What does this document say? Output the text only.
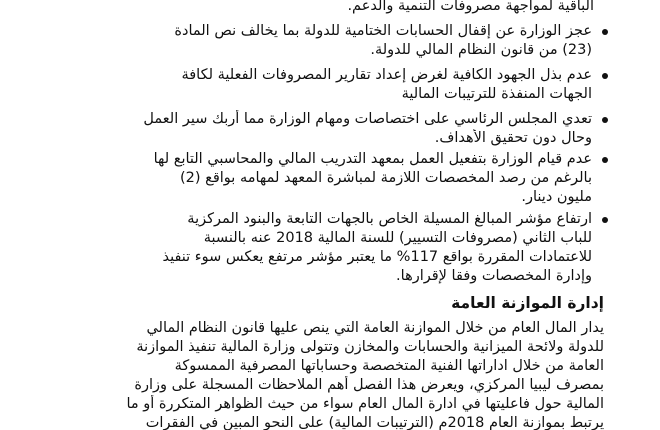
الباقية لمواجهة مصروفات التنمية والدعم.
عجز الوزارة عن إقفال الحسابات الختامية للدولة بما يخالف نص المادة
(23) من قانون النظام المالي للدولة.
عدم بذل الجهود الكافية لغرض إعداد تقارير المصروفات الفعلية لكافة
الجهات المنفذة للترتيبات المالية
تعدي المجلس الرئاسي على اختصاصات ومهام الوزارة مما أربك سير العمل
وحال دون تحقيق الأهداف.
عدم قيام الوزارة بتفعيل العمل بمعهد التدريب المالي والمحاسبي التابع لها
بالرغم من رصد المخصصات اللازمة لمباشرة المعهد لمهامه بواقع (2)
مليون دينار.
ارتفاع مؤشر المبالغ المسيلة الخاص بالجهات التابعة والبنود المركزية
للباب الثاني (مصروفات التسيير) للسنة المالية 2018 عنه بالنسبة
للاعتمادات المقررة بواقع 117% ما يعتبر مؤشر مرتفع يعكس سوء تنفيذ
وإدارة المخصصات وفقا لإقرارها.
إدارة الموازنة العامة
يدار المال العام من خلال الموازنة العامة التي ينص عليها قانون النظام المالي
للدولة ولائحة الميزانية والحسابات والمخازن وتتولى وزارة المالية تنفيذ الموازنة
العامة من خلال اداراتها الفنية المتخصصة وحساباتها المصرفية الممسوكة
بمصرف ليبيا المركزي، ويعرض هذا الفصل أهم الملاحظات المسجلة على وزارة
المالية حول فاعليتها في ادارة المال العام سواء من حيث الظواهر المتكررة أو ما
يرتبط بموازنة العام 2018م (الترتيبات المالية) على النحو المبين في الفقرات
